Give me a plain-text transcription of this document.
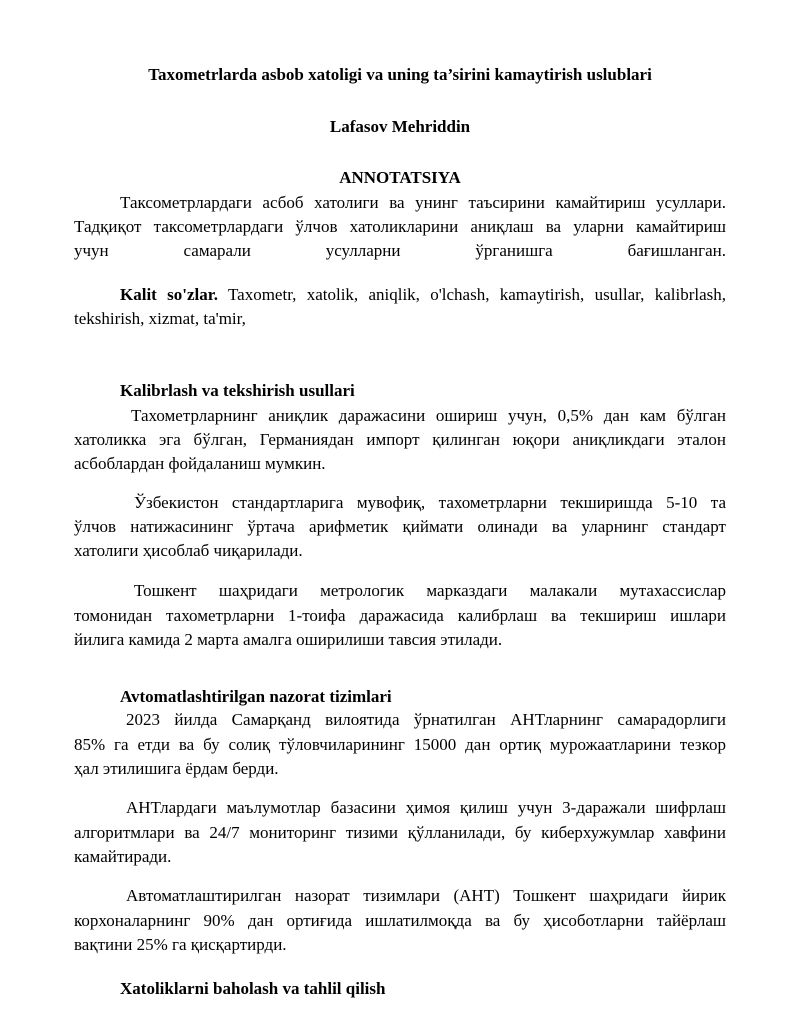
Taxometrlarda asbob xatoligi va uning ta’sirini kamaytirish uslublari
Lafasov Mehriddin
ANNOTATSIYA
Таксометрлардаги асбоб хатолиги ва унинг таъсирини камайтириш усуллари.
Тадқиқот таксометрлардаги ўлчов хатоликларини аниқлаш ва уларни камайтириш
учун	самарали	усулларни	ўрганишга	бағишланган.
Kalit so'zlar. Taxometr, xatolik, aniqlik, o'lchash, kamaytirish, usullar, kalibrlash,
tekshirish, xizmat, ta'mir,
Kalibrlash va tekshirish usullari
Тахометрларнинг аниқлик даражасини ошириш учун, 0,5% дан кам бўлган
хатоликка эга бўлган, Германиядан импорт қилинган юқори аниқликдаги эталон
асбоблардан фойдаланиш мумкин.
Ўзбекистон стандартларига мувофиқ, тахометрларни текширишда 5-10 та
ўлчов натижасининг ўртача арифметик қиймати олинади ва уларнинг стандарт
хатолиги ҳисоблаб чиқарилади.
Тошкент шаҳридаги метрологик марказдаги малакали мутахассислар
томонидан тахометрларни 1-тоифа даражасида калибрлаш ва текшириш ишлари
йилига камида 2 марта амалга оширилиши тавсия этилади.
Avtomatlashtirilgan nazorat tizimlari
2023 йилда Самарқанд вилоятида ўрнатилган АНТларнинг самарадорлиги
85% га етди ва бу солиқ тўловчиларининг 15000 дан ортиқ мурожаатларини тезкор
ҳал этилишига ёрдам берди.
АНТлардаги маълумотлар базасини ҳимоя қилиш учун 3-даражали шифрлаш
алгоритмлари ва 24/7 мониторинг тизими қўлланилади, бу киберхужумлар хавфини
камайтиради.
Автоматлаштирилган назорат тизимлари (АНТ) Тошкент шаҳридаги йирик
корхоналарнинг 90% дан ортиғида ишлатилмоқда ва бу ҳисоботларни тайёрлаш
вақтини 25% га қисқартирди.
Xatoliklarni baholash va tahlil qilish
